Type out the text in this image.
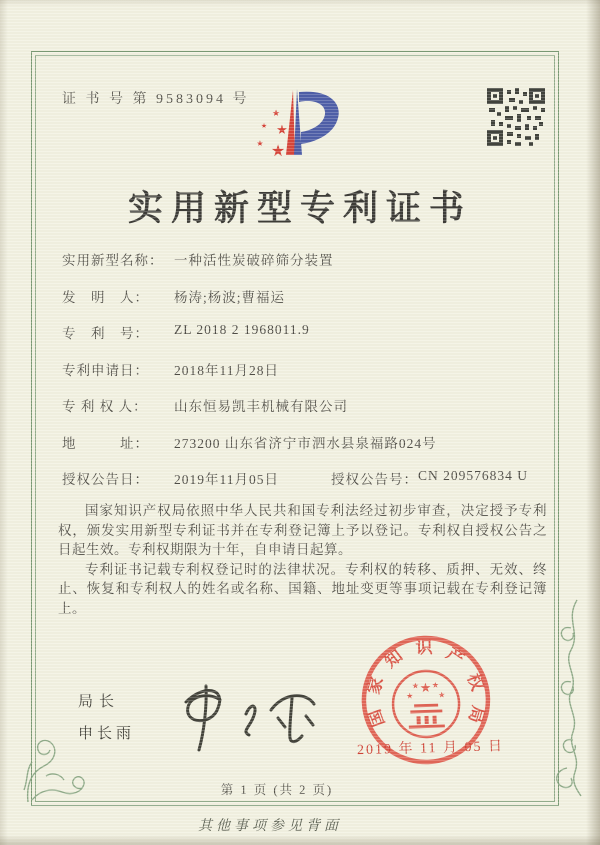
证 书 号 第 9583094 号
★
★ ★
★ ★
实用新型专利证书
实用新型名称： 一种活性炭破碎筛分装置
发　明　人：	杨涛;杨波;曹福运
专　利　号：	ZL 2018 2 1968011.9
专利申请日：	2018年11月28日
专 利 权 人：	山东恒易凯丰机械有限公司
地　　　址：	273200 山东省济宁市泗水县泉福路024号
授权公告日：	2019年11月05日	授权公告号： CN 209576834 U

国家知识产权局依照中华人民共和国专利法经过初步审查，决定授予专利权，颁发实用新型专利证书并在专利登记簿上予以登记。专利权自授权公告之日起生效。专利权期限为十年，自申请日起算。

专利证书记载专利权登记时的法律状况。专利权的转移、质押、无效、终止、恢复和专利权人的姓名或名称、国籍、地址变更等事项记载在专利登记簿上。

局长
申长雨
国
家
知 识 产
权
局
★
★	★
★ ★
2019 年 11 月 05 日
第 1 页 (共 2 页)
其他事项参见背面
